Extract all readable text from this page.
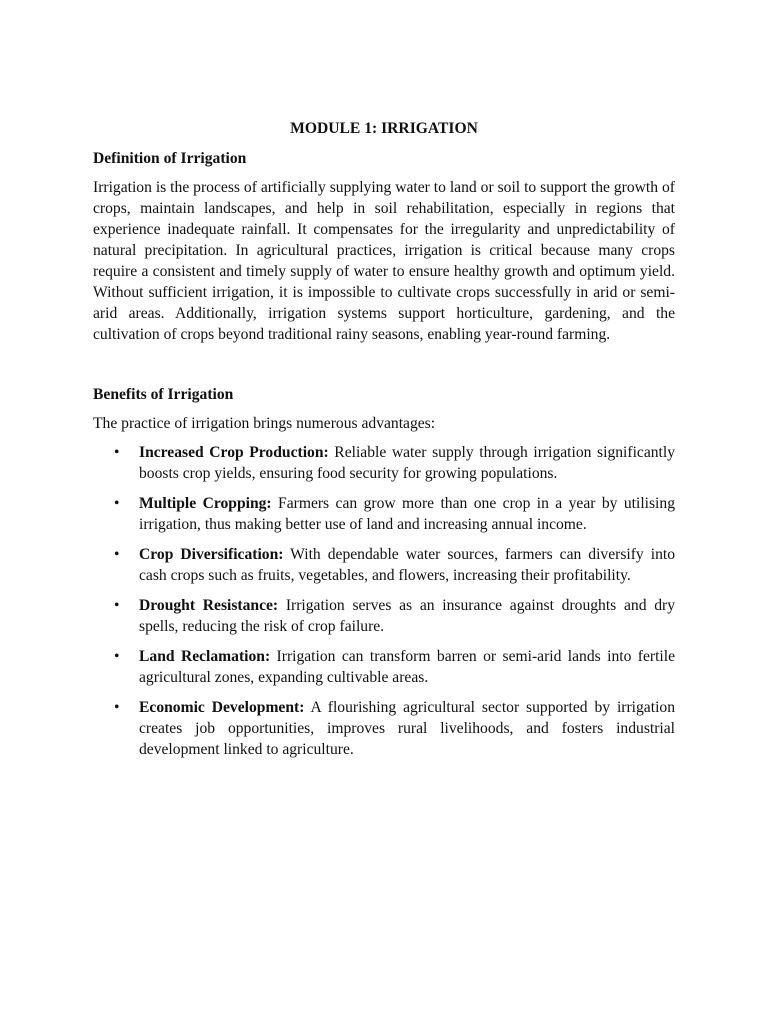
MODULE 1: IRRIGATION
Definition of Irrigation

Irrigation is the process of artificially supplying water to land or soil to support the growth of crops, maintain landscapes, and help in soil rehabilitation, especially in regions that experience inadequate rainfall. It compensates for the irregularity and unpredictability of natural precipitation. In agricultural practices, irrigation is critical because many crops require a consistent and timely supply of water to ensure healthy growth and optimum yield. Without sufficient irrigation, it is impossible to cultivate crops successfully in arid or semi-arid areas. Additionally, irrigation systems support horticulture, gardening, and the cultivation of crops beyond traditional rainy seasons, enabling year-round farming.

Benefits of Irrigation

The practice of irrigation brings numerous advantages:

• Increased Crop Production: Reliable water supply through irrigation significantly boosts crop yields, ensuring food security for growing populations.
• Multiple Cropping: Farmers can grow more than one crop in a year by utilising irrigation, thus making better use of land and increasing annual income.
• Crop Diversification: With dependable water sources, farmers can diversify into cash crops such as fruits, vegetables, and flowers, increasing their profitability.
• Drought Resistance: Irrigation serves as an insurance against droughts and dry spells, reducing the risk of crop failure.
• Land Reclamation: Irrigation can transform barren or semi-arid lands into fertile agricultural zones, expanding cultivable areas.
• Economic Development: A flourishing agricultural sector supported by irrigation creates job opportunities, improves rural livelihoods, and fosters industrial development linked to agriculture.
